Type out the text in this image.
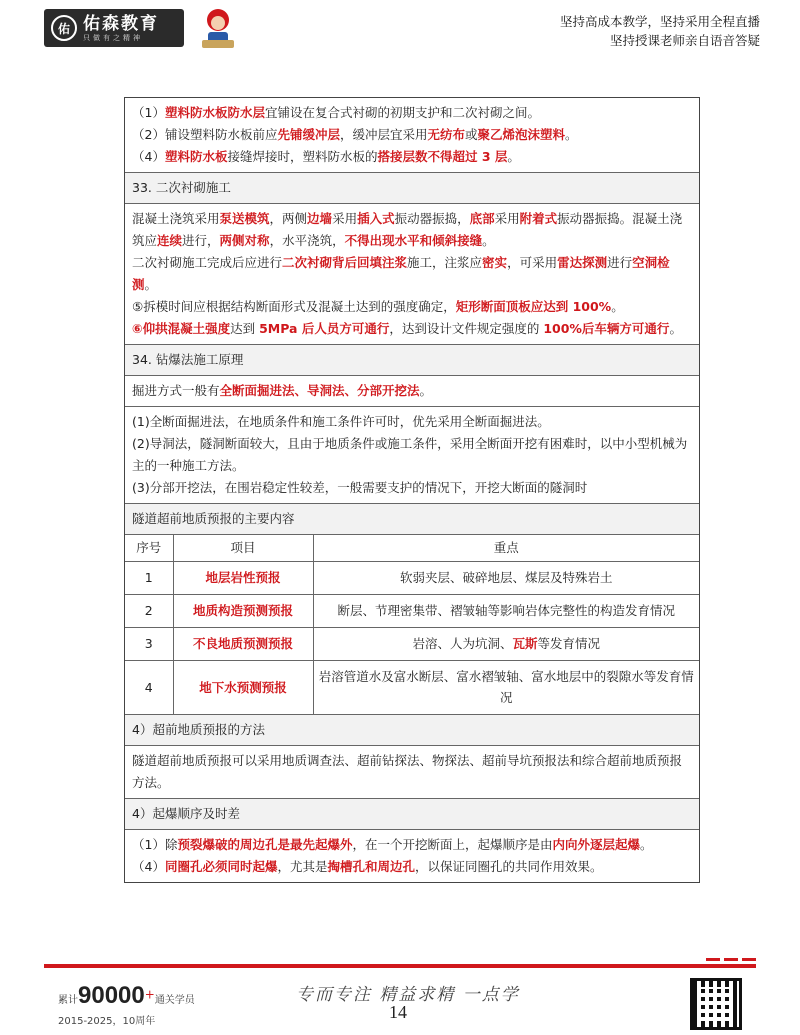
佑 佑森教育
只做有之精神
坚持高成本教学，坚持采用全程直播
坚持授课老师亲自语音答疑
（1）塑料防水板防水层宜铺设在复合式衬砌的初期支护和二次衬砌之间。
（2）铺设塑料防水板前应先铺缓冲层，缓冲层宜采用无纺布或聚乙烯泡沫塑料。
（4）塑料防水板接缝焊接时，塑料防水板的搭接层数不得超过 3 层。
33. 二次衬砌施工
混凝土浇筑采用泵送模筑，两侧边墙采用插入式振动器振捣，底部采用附着式振动器振捣。混凝土浇筑应连续进行，两侧对称，水平浇筑，不得出现水平和倾斜接缝。
二次衬砌施工完成后应进行二次衬砌背后回填注浆施工，注浆应密实，可采用雷达探测进行空洞检测。
⑤拆模时间应根据结构断面形式及混凝土达到的强度确定，矩形断面顶板应达到 100%。
⑥仰拱混凝土强度达到 5MPa 后人员方可通行，达到设计文件规定强度的 100%后车辆方可通行。
34. 钻爆法施工原理
掘进方式一般有全断面掘进法、导洞法、分部开挖法。
(1)全断面掘进法，在地质条件和施工条件许可时，优先采用全断面掘进法。
(2)导洞法，隧洞断面较大，且由于地质条件或施工条件，采用全断面开挖有困难时，以中小型机械为主的一种施工方法。
(3)分部开挖法，在围岩稳定性较差，一般需要支护的情况下，开挖大断面的隧洞时
隧道超前地质预报的主要内容
序号	项目	重点
1	地层岩性预报	软弱夹层、破碎地层、煤层及特殊岩土
2	地质构造预测预报	断层、节理密集带、褶皱轴等影响岩体完整性的构造发育情况
3	不良地质预测预报	岩溶、人为坑洞、瓦斯等发育情况
4	地下水预测预报	岩溶管道水及富水断层、富水褶皱轴、富水地层中的裂隙水等发育情况
4）超前地质预报的方法
隧道超前地质预报可以采用地质调查法、超前钻探法、物探法、超前导坑预报法和综合超前地质预报方法。
4）起爆顺序及时差
（1）除预裂爆破的周边孔是最先起爆外，在一个开挖断面上，起爆顺序是由内向外逐层起爆。
（4）同圈孔必须同时起爆，尤其是掏槽孔和周边孔，以保证同圈孔的共同作用效果。
累计90000+通关学员
2015-2025，10周年
专而专注 精益求精 一点学
14
